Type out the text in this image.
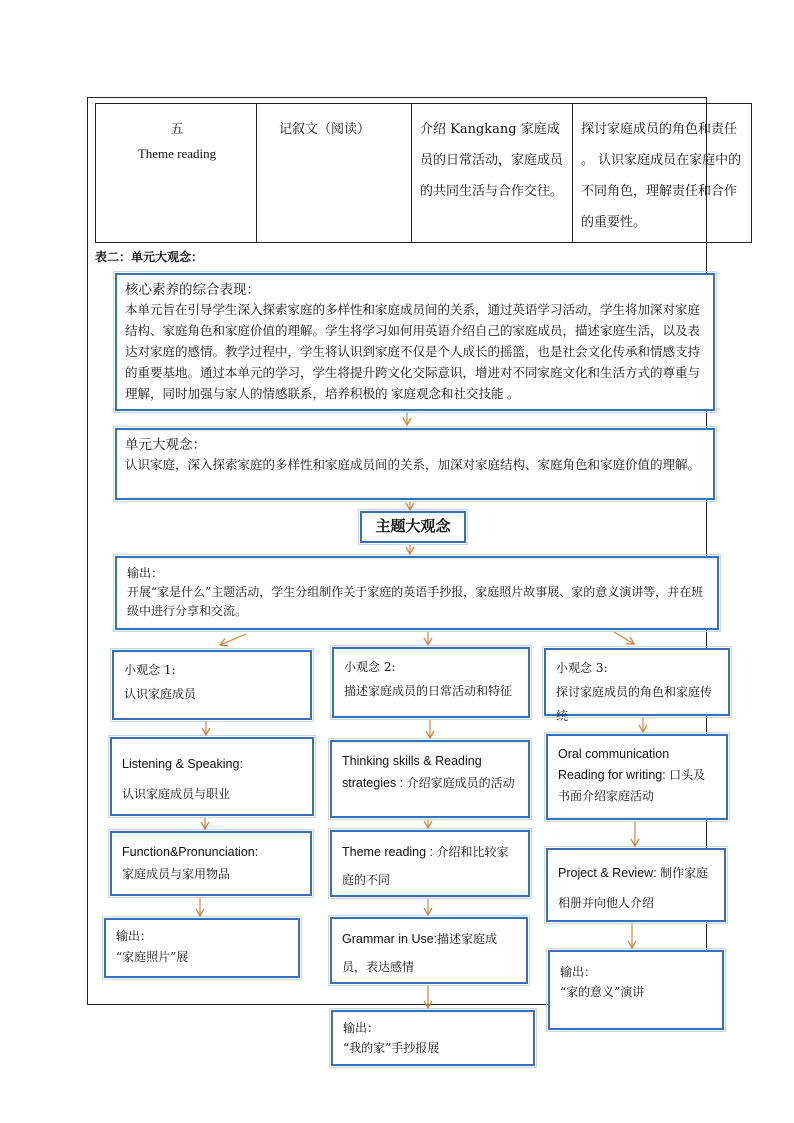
五
Theme reading
	记叙文（阅读）	介绍 Kangkang 家庭成员的日常活动，家庭成员的共同生活与合作交往。	探讨家庭成员的角色和责任 。 认识家庭成员在家庭中的不同角色，理解责任和合作的重要性。
表二：单元大观念：
核心素养的综合表现：
本单元旨在引导学生深入探索家庭的多样性和家庭成员间的关系，通过英语学习活动，学生将加深对家庭结构、家庭角色和家庭价值的理解。学生将学习如何用英语介绍自己的家庭成员，描述家庭生活，以及表达对家庭的感情。教学过程中，学生将认识到家庭不仅是个人成长的摇篮，也是社会文化传承和情感支持的重要基地。通过本单元的学习，学生将提升跨文化交际意识，增进对不同家庭文化和生活方式的尊重与理解，同时加强与家人的情感联系，培养积极的 家庭观念和社交技能 。
单元大观念：
认识家庭，深入探索家庭的多样性和家庭成员间的关系，加深对家庭结构、家庭角色和家庭价值的理解。
主题大观念
输出：
开展“家是什么”主题活动，学生分组制作关于家庭的英语手抄报，家庭照片故事展、家的意义演讲等，并在班级中进行分享和交流。
小观念 1:
认识家庭成员
Listening & Speaking:
认识家庭成员与职业
Function&Pronunciation:
家庭成员与家用物品
输出：
“家庭照片”展
小观念 2:
描述家庭成员的日常活动和特征
Thinking skills & Reading strategies : 介绍家庭成员的活动
Theme reading : 介绍和比较家庭的不同
Grammar in Use:描述家庭成员，表达感情
输出：
“我的家”手抄报展
小观念 3:
探讨家庭成员的角色和家庭传统
Oral communication Reading for writing: 口头及书面介绍家庭活动
Project & Review: 制作家庭相册并向他人介绍
输出：
“家的意义”演讲
